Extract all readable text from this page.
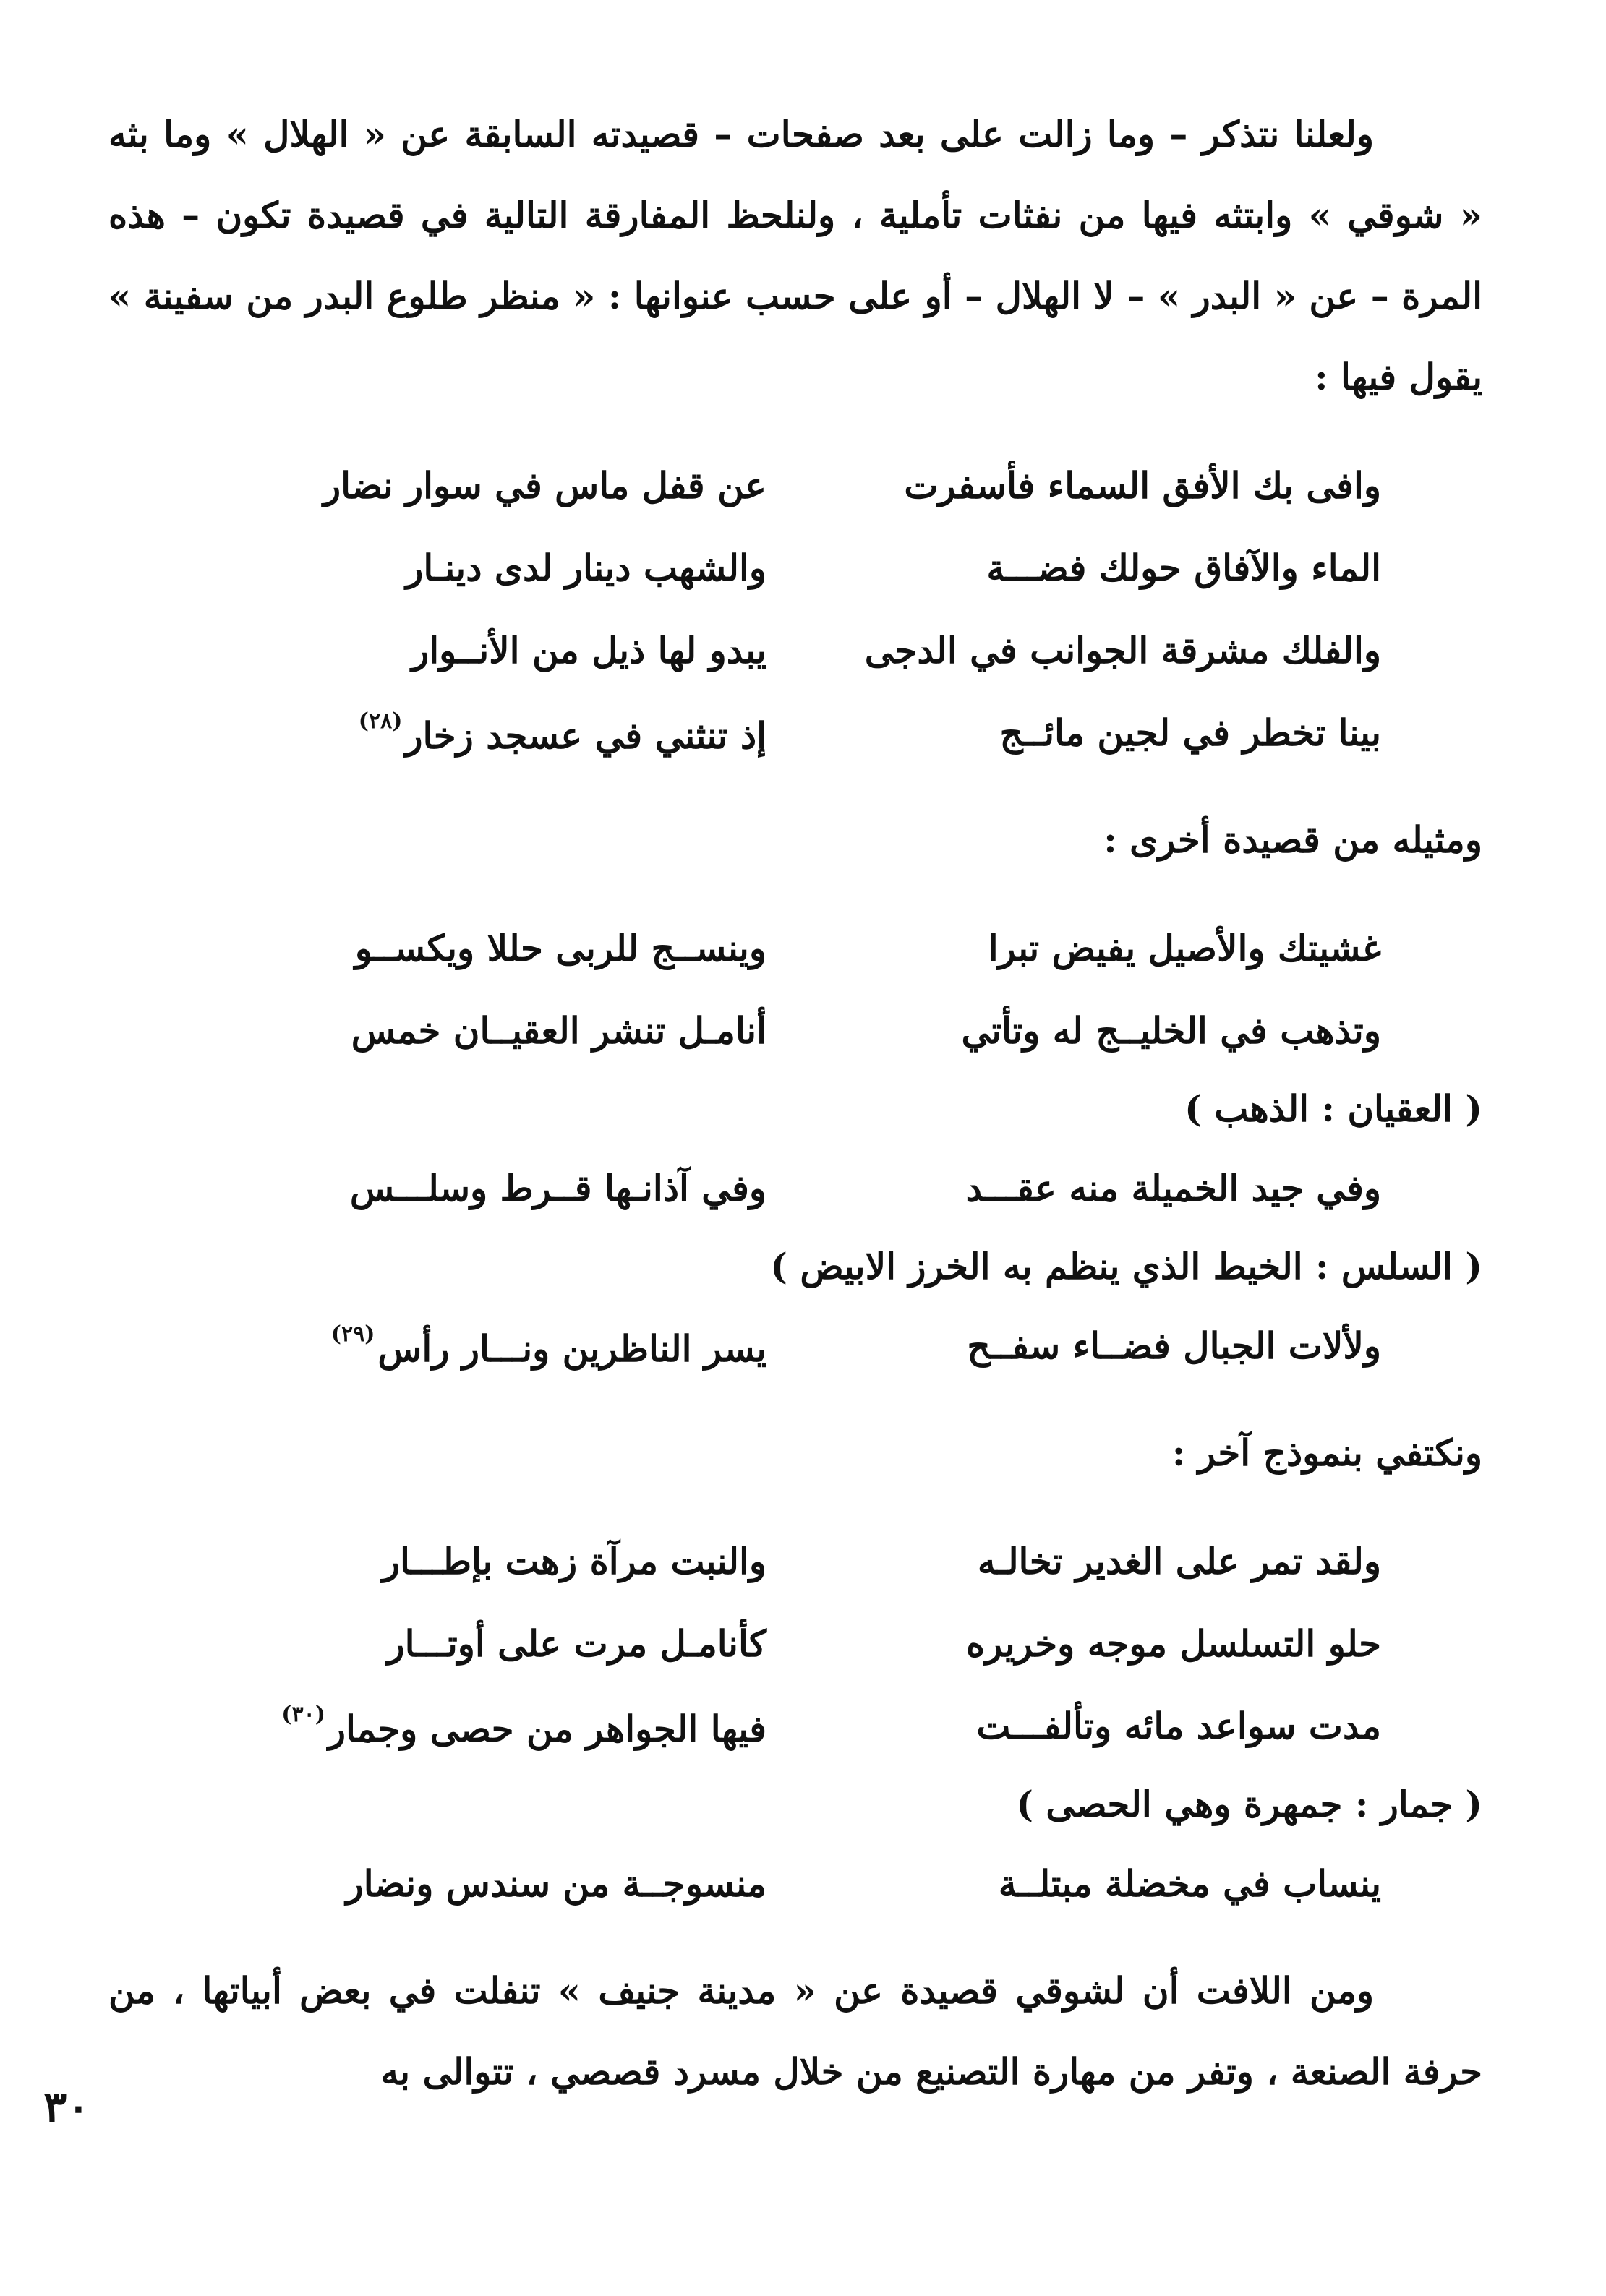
ولعلنا نتذكر – وما زالت على بعد صفحات – قصيدته السابقة عن « الهلال » وما بثه « شوقي » وابتثه فيها من نفثات تأملية ، ولنلحظ المفارقة التالية في قصيدة تكون – هذه المرة – عن « البدر » – لا الهلال – أو على حسب عنوانها : « منظر طلوع البدر من سفينة » يقول فيها :

وافى بك الأفق السماء فأسفرت
عن قفل ماس في سوار نضار
الماء والآفاق حولك فضـــة
والشهب دينار لدى دينـار
والفلك مشرقة الجوانب في الدجى
يبدو لها ذيل من الأنــوار
بينا تخطر في لجين مائــج
إذ تنثني في عسجد زخار$^{(٢٨)}$

ومثيله من قصيدة أخرى :

غشيتك والأصيل يفيض تبرا
وينســج للربى حللا ويكســو
وتذهب في الخليــج له وتأتي
أنامـل تنشر العقيــان خمس
( العقيان : الذهب )
وفي جيد الخميلة منه عقـــد
وفي آذانـها قــرط وسلـــس
( السلس : الخيط الذي ينظم به الخرز الابيض )
ولألات الجبال فضــاء سفــح
يسر الناظرين ونـــار رأس$^{(٢٩)}$

ونكتفي بنموذج آخر :

ولقد تمر على الغدير تخالـه
والنبت مرآة زهت بإطـــار
حلو التسلسل موجه وخريره
كأنامـل مرت على أوتـــار
مدت سواعد مائه وتألفـــت
فيها الجواهر من حصى وجمار$^{(٣٠)}$
( جمار : جمهرة وهي الحصى )
ينساب في مخضلة مبتلــة
منسوجــة من سندس ونضار

ومن اللافت أن لشوقي قصيدة عن « مدينة جنيف » تنفلت في بعض أبياتها ، من حرفة الصنعة ، وتفر من مهارة التصنيع من خلال مسرد قصصي ، تتوالى به

٣٠
